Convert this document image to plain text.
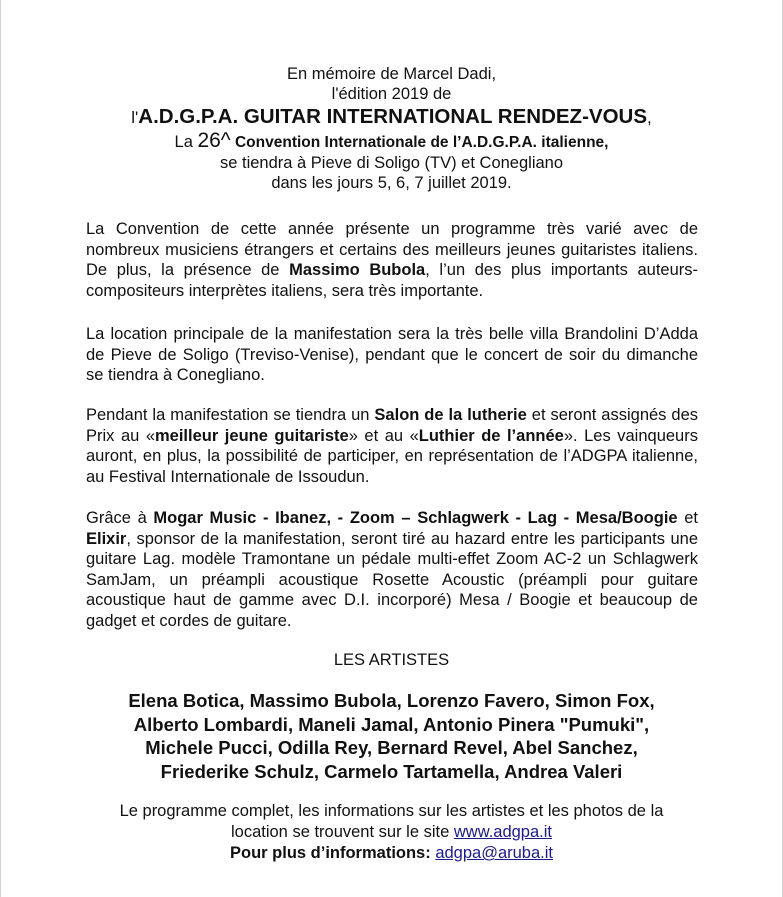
En mémoire de Marcel Dadi,
l'édition 2019 de
l'A.D.G.P.A. GUITAR INTERNATIONAL RENDEZ-VOUS,
La 26^ Convention Internationale de l’A.D.G.P.A. italienne,
se tiendra à Pieve di Soligo (TV) et Conegliano
dans les jours 5, 6, 7 juillet 2019.
La Convention de cette année présente un programme très varié avec de nombreux musiciens étrangers et certains des meilleurs jeunes guitaristes italiens. De plus, la présence de Massimo Bubola, l’un des plus importants auteurs-compositeurs interprètes italiens, sera très importante.
La location principale de la manifestation sera la très belle villa Brandolini D’Adda de Pieve de Soligo (Treviso-Venise), pendant que le concert de soir du dimanche se tiendra à Conegliano.
Pendant la manifestation se tiendra un Salon de la lutherie et seront assignés des Prix au «meilleur jeune guitariste» et au «Luthier de l’année». Les vainqueurs auront, en plus, la possibilité de participer, en représentation de l’ADGPA italienne, au Festival Internationale de Issoudun.
Grâce à Mogar Music - Ibanez, - Zoom – Schlagwerk - Lag - Mesa/Boogie et Elixir, sponsor de la manifestation, seront tiré au hazard entre les participants une guitare Lag. modèle Tramontane un pédale multi-effet Zoom AC-2 un Schlagwerk SamJam, un préampli acoustique Rosette Acoustic (préampli pour guitare acoustique haut de gamme avec D.I. incorporé) Mesa / Boogie et beaucoup de gadget et cordes de guitare.
LES ARTISTES
Elena Botica, Massimo Bubola, Lorenzo Favero, Simon Fox,
Alberto Lombardi, Maneli Jamal, Antonio Pinera "Pumuki",
Michele Pucci, Odilla Rey, Bernard Revel, Abel Sanchez,
Friederike Schulz, Carmelo Tartamella, Andrea Valeri
Le programme complet, les informations sur les artistes et les photos de la
location se trouvent sur le site www.adgpa.it
Pour plus d’informations: adgpa@aruba.it
